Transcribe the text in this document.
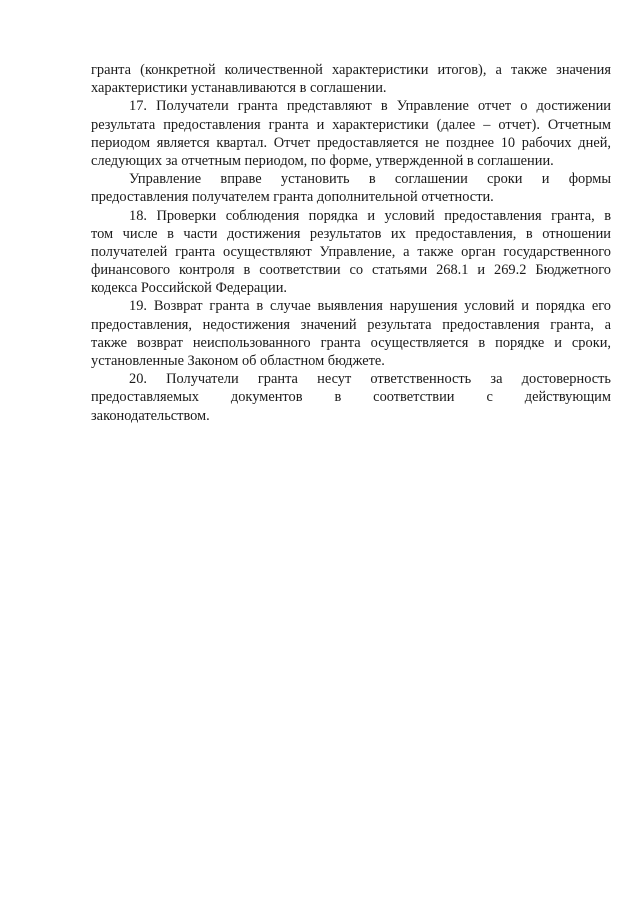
гранта (конкретной количественной характеристики итогов), а также значения
характеристики устанавливаются в соглашении.
17. Получатели гранта представляют в Управление отчет о достижении
результата предоставления гранта и характеристики (далее – отчет). Отчетным
периодом является квартал. Отчет предоставляется не позднее 10 рабочих дней,
следующих за отчетным периодом, по форме, утвержденной в соглашении.
Управление вправе установить в соглашении сроки и формы
предоставления получателем гранта дополнительной отчетности.
18. Проверки соблюдения порядка и условий предоставления гранта, в
том числе в части достижения результатов их предоставления, в отношении
получателей гранта осуществляют Управление, а также орган государственного
финансового контроля в соответствии со статьями 268.1 и 269.2 Бюджетного
кодекса Российской Федерации.
19. Возврат гранта в случае выявления нарушения условий и порядка его
предоставления, недостижения значений результата предоставления гранта, а
также возврат неиспользованного гранта осуществляется в порядке и сроки,
установленные Законом об областном бюджете.
20. Получатели гранта несут ответственность за достоверность
предоставляемых документов в соответствии с действующим
законодательством.
